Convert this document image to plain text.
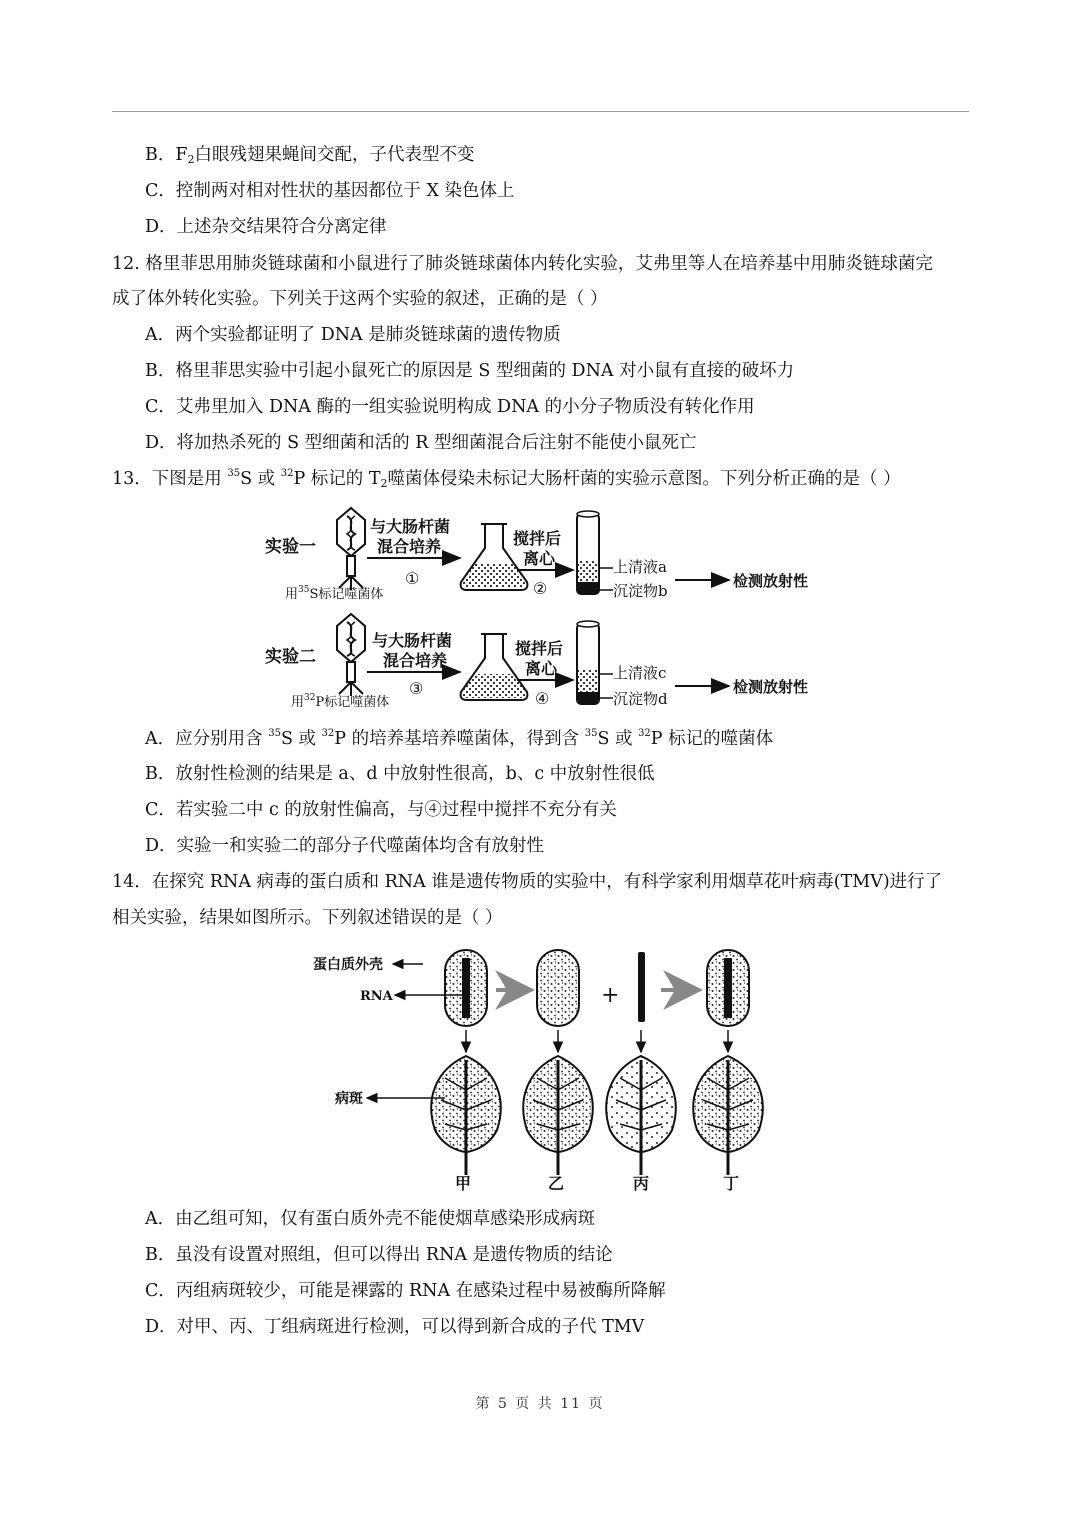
B．$F_2$白眼残翅果蝇间交配，子代表型不变
C．控制两对相对性状的基因都位于 X 染色体上
D．上述杂交结果符合分离定律
12. 格里菲思用肺炎链球菌和小鼠进行了肺炎链球菌体内转化实验，艾弗里等人在培养基中用肺炎链球菌完
成了体外转化实验。下列关于这两个实验的叙述，正确的是（ ）
A．两个实验都证明了 DNA 是肺炎链球菌的遗传物质
B．格里菲思实验中引起小鼠死亡的原因是 S 型细菌的 DNA 对小鼠有直接的破坏力
C．艾弗里加入 DNA 酶的一组实验说明构成 DNA 的小分子物质没有转化作用
D．将加热杀死的 S 型细菌和活的 R 型细菌混合后注射不能使小鼠死亡
13．下图是用 $^{35}$S 或 $^{32}$P 标记的 $T_2$噬菌体侵染未标记大肠杆菌的实验示意图。下列分析正确的是（ ）
实验一
与大肠杆菌
混合培养
①
用$^{35}$S标记噬菌体
搅拌后
离心
②
上清液a
沉淀物b
检测放射性
实验二
与大肠杆菌
混合培养
③
用$^{32}$P标记噬菌体
搅拌后
离心
④
上清液c
沉淀物d
检测放射性
A．应分别用含 $^{35}$S 或 $^{32}$P 的培养基培养噬菌体，得到含 $^{35}$S 或 $^{32}$P 标记的噬菌体
B．放射性检测的结果是 a、d 中放射性很高，b、c 中放射性很低
C．若实验二中 c 的放射性偏高，与④过程中搅拌不充分有关
D．实验一和实验二的部分子代噬菌体均含有放射性
14．在探究 RNA 病毒的蛋白质和 RNA 谁是遗传物质的实验中，有科学家利用烟草花叶病毒(TMV)进行了
相关实验，结果如图所示。下列叙述错误的是（ ）
蛋白质外壳
RNA
病斑
+
甲	乙	丙	丁
A．由乙组可知，仅有蛋白质外壳不能使烟草感染形成病斑
B．虽没有设置对照组，但可以得出 RNA 是遗传物质的结论
C．丙组病斑较少，可能是裸露的 RNA 在感染过程中易被酶所降解
D．对甲、丙、丁组病斑进行检测，可以得到新合成的子代 TMV
第 5 页 共 11 页
